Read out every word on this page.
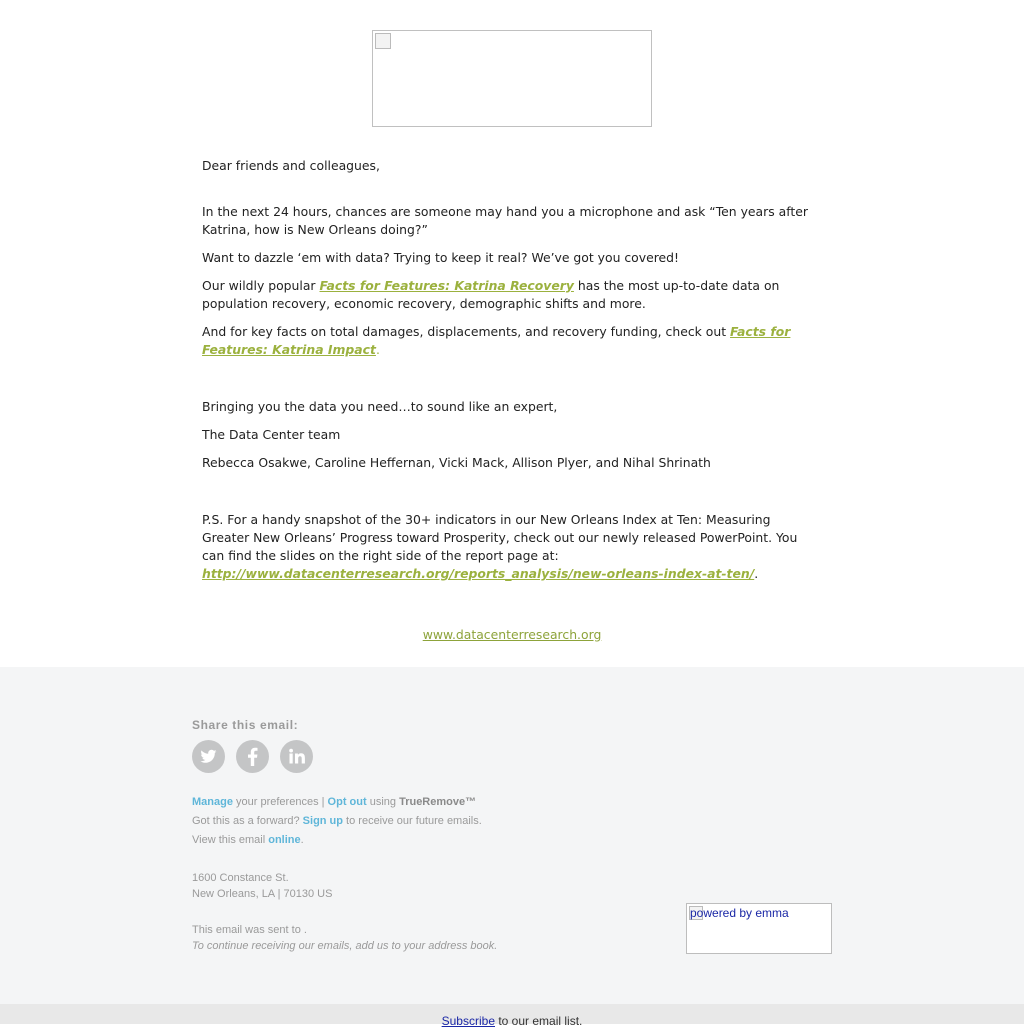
Dear friends and colleagues,

In the next 24 hours, chances are someone may hand you a microphone and ask “Ten years after Katrina, how is New Orleans doing?”

Want to dazzle ‘em with data? Trying to keep it real? We’ve got you covered!

Our wildly popular Facts for Features: Katrina Recovery has the most up-to-date data on population recovery, economic recovery, demographic shifts and more.

And for key facts on total damages, displacements, and recovery funding, check out Facts for Features: Katrina Impact.

Bringing you the data you need…to sound like an expert,

The Data Center team

Rebecca Osakwe, Caroline Heffernan, Vicki Mack, Allison Plyer, and Nihal Shrinath

P.S. For a handy snapshot of the 30+ indicators in our New Orleans Index at Ten: Measuring Greater New Orleans’ Progress toward Prosperity, check out our newly released PowerPoint. You can find the slides on the right side of the report page at: http://www.datacenterresearch.org/reports_analysis/new-orleans-index-at-ten/.

www.datacenterresearch.org
Share this email:
Manage your preferences | Opt out using TrueRemove™
Got this as a forward? Sign up to receive our future emails.
View this email online.
1600 Constance St.
New Orleans, LA | 70130 US
This email was sent to .
To continue receiving our emails, add us to your address book.
powered by emma
Subscribe to our email list.
